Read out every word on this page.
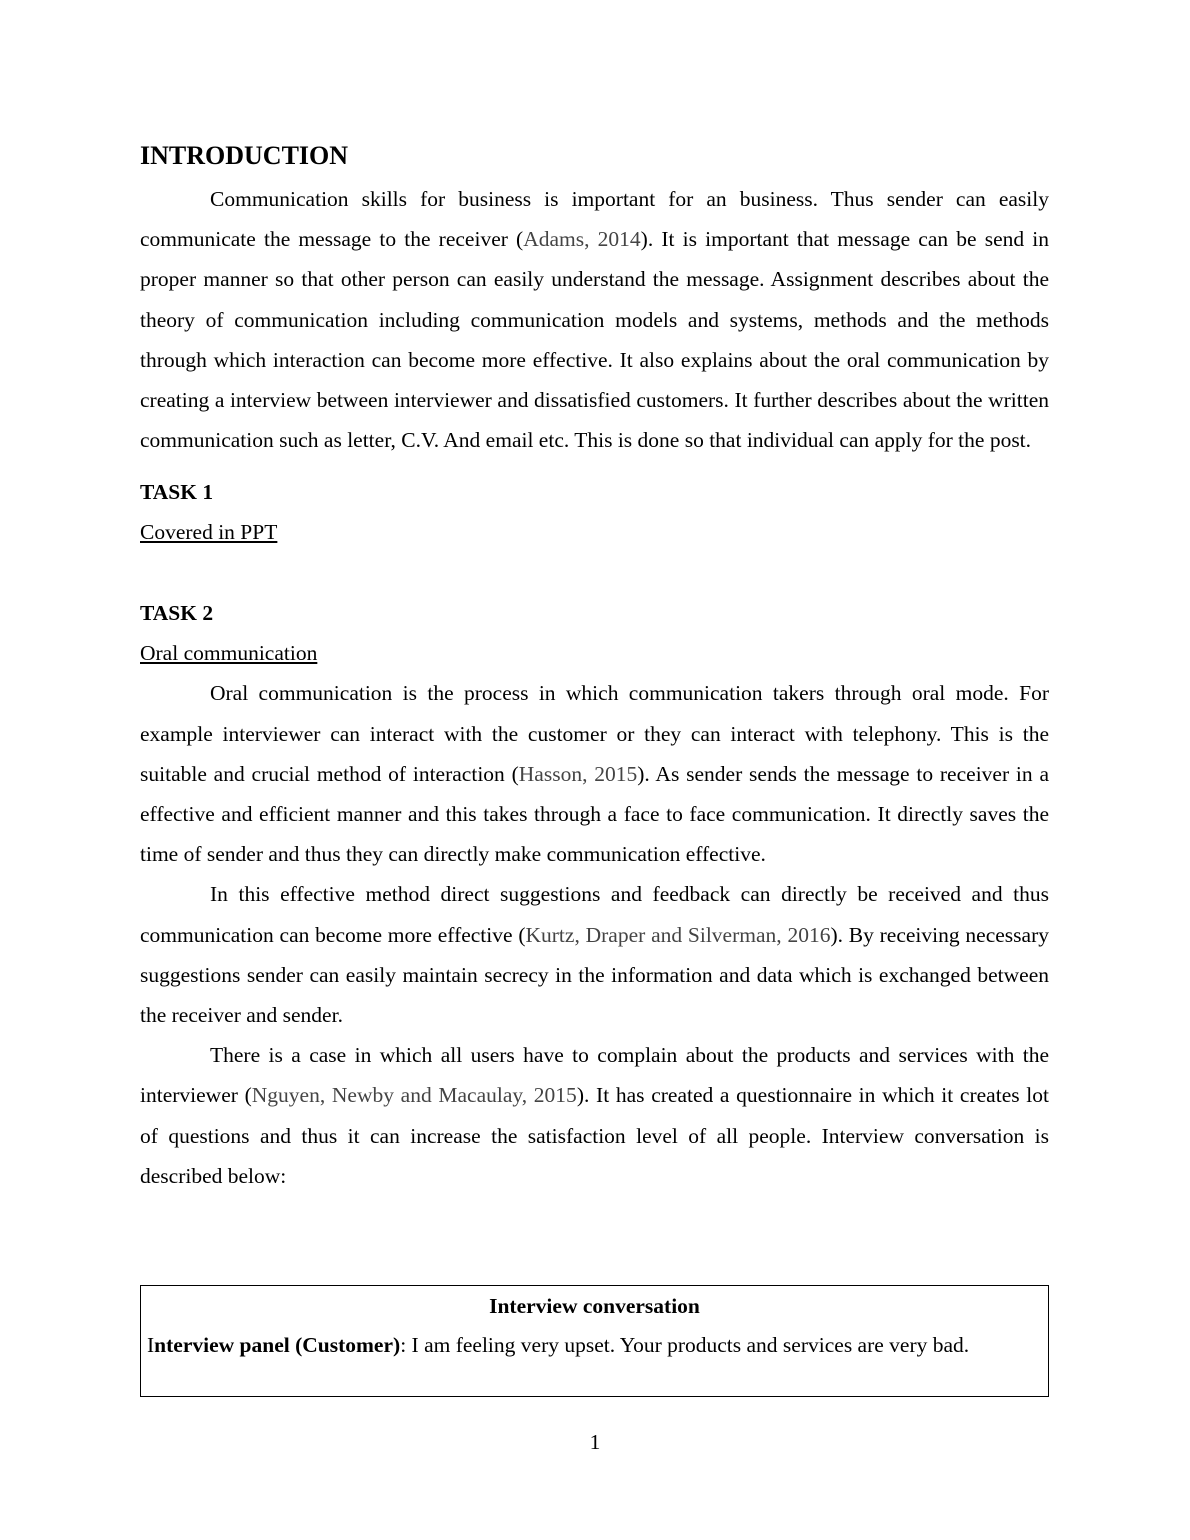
INTRODUCTION

Communication skills for business is important for an business. Thus sender can easily communicate the message to the receiver (Adams, 2014). It is important that message can be send in proper manner so that other person can easily understand the message. Assignment describes about the theory of communication including communication models and systems, methods and the methods through which interaction can become more effective. It also explains about the oral communication by creating a interview between interviewer and dissatisfied customers. It further describes about the written communication such as letter, C.V. And email etc. This is done so that individual can apply for the post.

TASK 1
Covered in PPT
TASK 2
Oral communication

Oral communication is the process in which communication takers through oral mode. For example interviewer can interact with the customer or they can interact with telephony. This is the suitable and crucial method of interaction (Hasson, 2015). As sender sends the message to receiver in a effective and efficient manner and this takes through a face to face communication. It directly saves the time of sender and thus they can directly make communication effective.

In this effective method direct suggestions and feedback can directly be received and thus communication can become more effective (Kurtz, Draper and Silverman, 2016). By receiving necessary suggestions sender can easily maintain secrecy in the information and data which is exchanged between the receiver and sender.

There is a case in which all users have to complain about the products and services with the interviewer (Nguyen, Newby and Macaulay, 2015). It has created a questionnaire in which it creates lot of questions and thus it can increase the satisfaction level of all people. Interview conversation is described below:

Interview conversation
Interview panel (Customer): I am feeling very upset. Your products and services are very bad.
1
